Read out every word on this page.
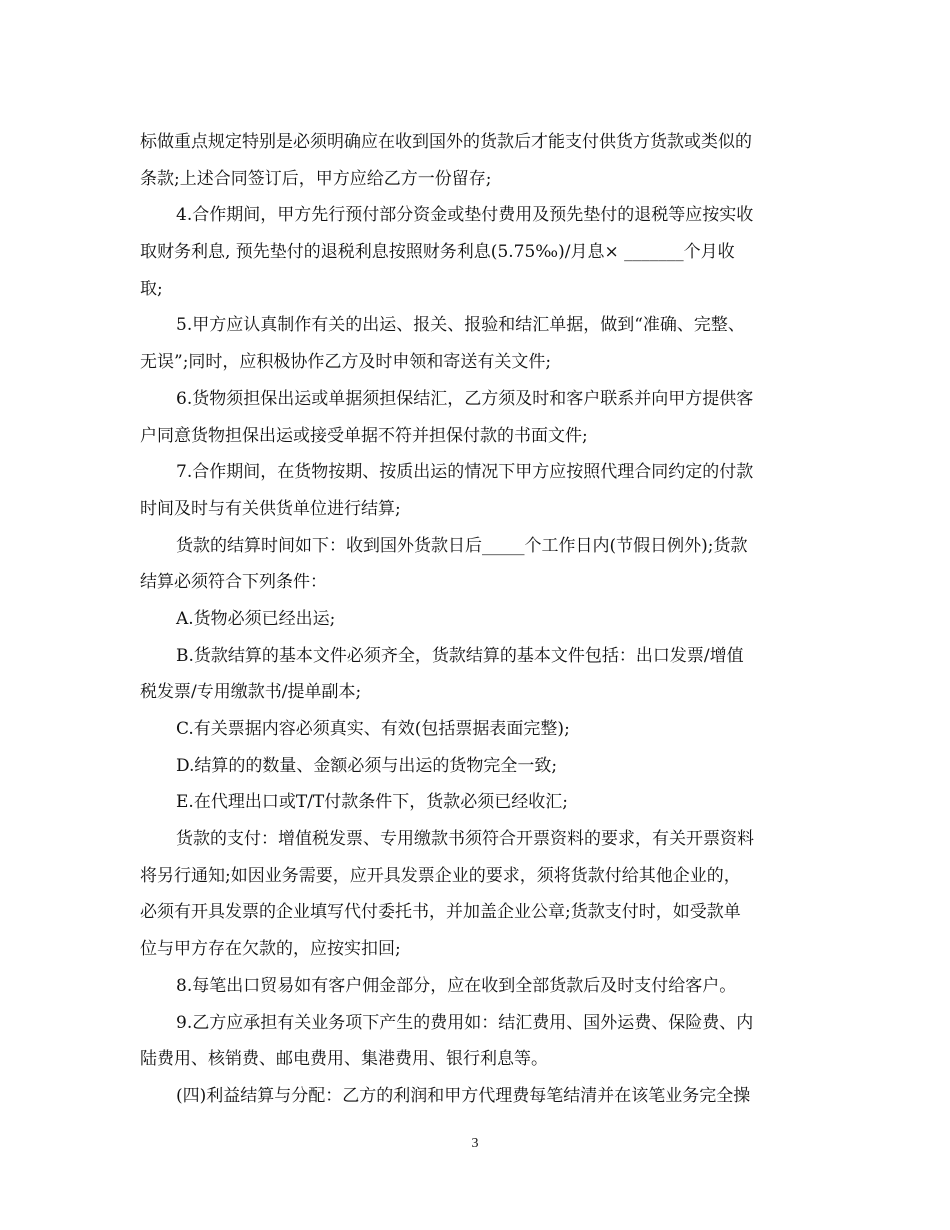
标做重点规定特别是必须明确应在收到国外的货款后才能支付供货方货款或类似的
条款;上述合同签订后，甲方应给乙方一份留存;
4.合作期间，甲方先行预付部分资金或垫付费用及预先垫付的退税等应按实收
取财务利息, 预先垫付的退税利息按照财务利息(5.75‰)/月息× _______个月收
取;
5.甲方应认真制作有关的出运、报关、报验和结汇单据，做到“准确、完整、
无误”;同时，应积极协作乙方及时申领和寄送有关文件;
6.货物须担保出运或单据须担保结汇，乙方须及时和客户联系并向甲方提供客
户同意货物担保出运或接受单据不符并担保付款的书面文件;
7.合作期间，在货物按期、按质出运的情况下甲方应按照代理合同约定的付款
时间及时与有关供货单位进行结算;
货款的结算时间如下：收到国外货款日后_____个工作日内(节假日例外);货款
结算必须符合下列条件：
A.货物必须已经出运;
B.货款结算的基本文件必须齐全，货款结算的基本文件包括：出口发票/增值
税发票/专用缴款书/提单副本;
C.有关票据内容必须真实、有效(包括票据表面完整);
D.结算的的数量、金额必须与出运的货物完全一致;
E.在代理出口或T/T付款条件下，货款必须已经收汇;
货款的支付：增值税发票、专用缴款书须符合开票资料的要求，有关开票资料
将另行通知;如因业务需要，应开具发票企业的要求，须将货款付给其他企业的，
必须有开具发票的企业填写代付委托书，并加盖企业公章;货款支付时，如受款单
位与甲方存在欠款的，应按实扣回;
8.每笔出口贸易如有客户佣金部分，应在收到全部货款后及时支付给客户。
9.乙方应承担有关业务项下产生的费用如：结汇费用、国外运费、保险费、内
陆费用、核销费、邮电费用、集港费用、银行利息等。
(四)利益结算与分配：乙方的利润和甲方代理费每笔结清并在该笔业务完全操
3
